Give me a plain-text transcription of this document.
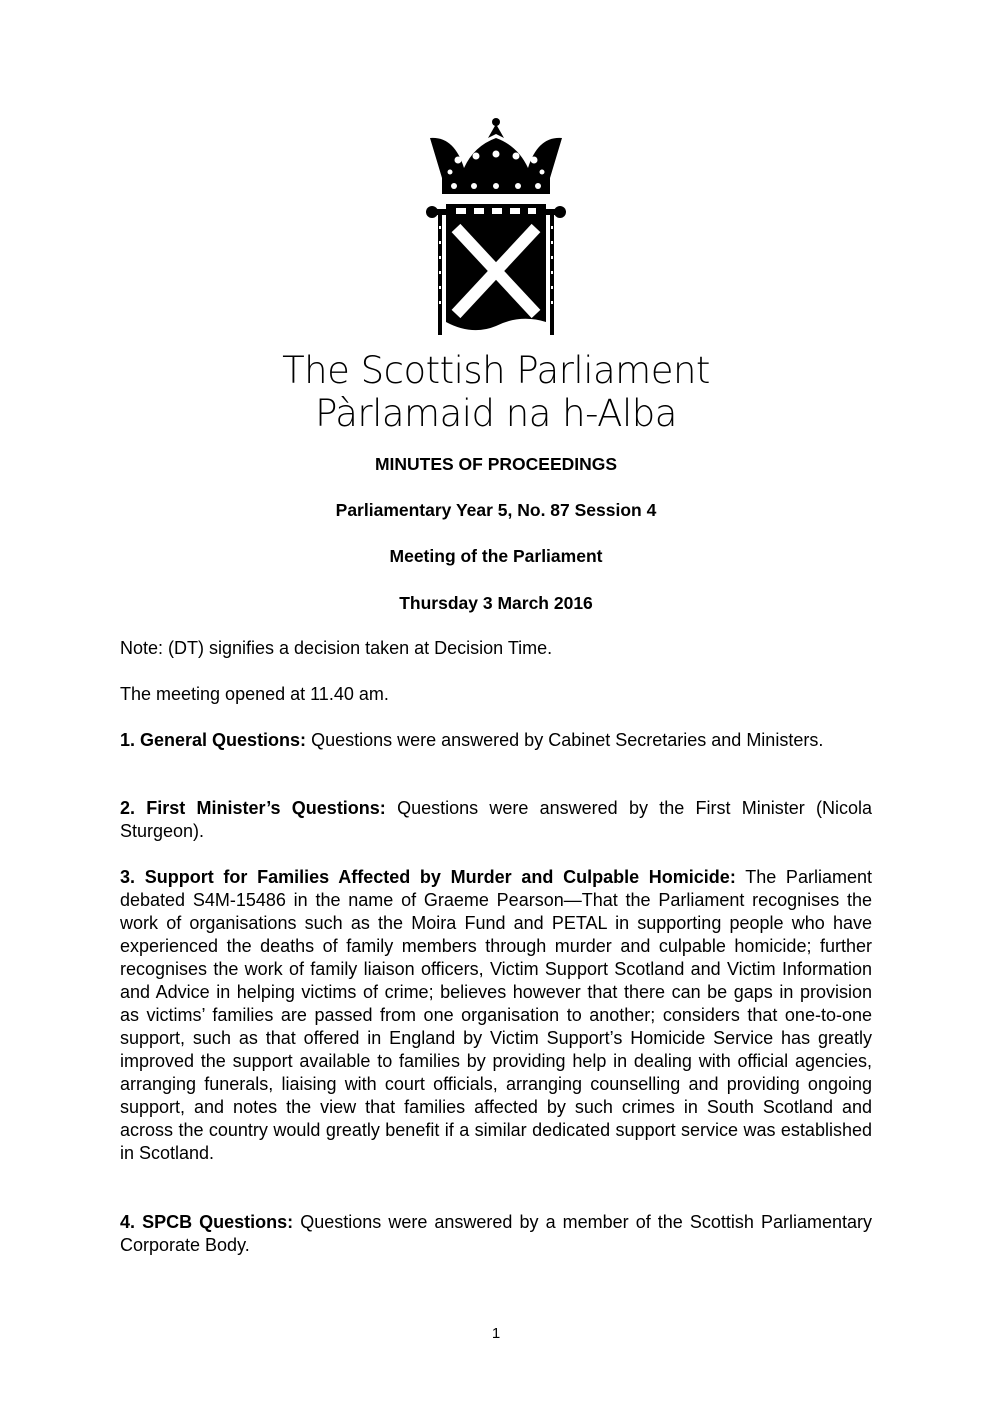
The Scottish Parliament
Pàrlamaid na h-Alba
MINUTES OF PROCEEDINGS
Parliamentary Year 5, No. 87 Session 4
Meeting of the Parliament
Thursday 3 March 2016
Note: (DT) signifies a decision taken at Decision Time.
The meeting opened at 11.40 am.
1. General Questions: Questions were answered by Cabinet Secretaries and Ministers.
2. First Minister’s Questions: Questions were answered by the First Minister (Nicola Sturgeon).
3. Support for Families Affected by Murder and Culpable Homicide: The Parliament debated S4M-15486 in the name of Graeme Pearson—That the Parliament recognises the work of organisations such as the Moira Fund and PETAL in supporting people who have experienced the deaths of family members through murder and culpable homicide; further recognises the work of family liaison officers, Victim Support Scotland and Victim Information and Advice in helping victims of crime; believes however that there can be gaps in provision as victims’ families are passed from one organisation to another; considers that one-to-one support, such as that offered in England by Victim Support’s Homicide Service has greatly improved the support available to families by providing help in dealing with official agencies, arranging funerals, liaising with court officials, arranging counselling and providing ongoing support, and notes the view that families affected by such crimes in South Scotland and across the country would greatly benefit if a similar dedicated support service was established in Scotland.
4. SPCB Questions: Questions were answered by a member of the Scottish Parliamentary Corporate Body.
1
